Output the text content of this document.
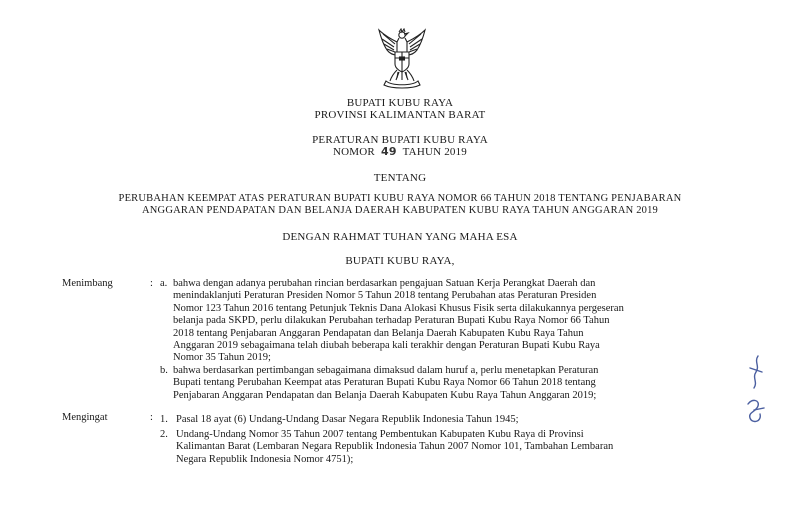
BUPATI KUBU RAYA
PROVINSI KALIMANTAN BARAT
PERATURAN BUPATI KUBU RAYA
NOMOR 49 TAHUN 2019
TENTANG
PERUBAHAN KEEMPAT ATAS PERATURAN BUPATI KUBU RAYA NOMOR 66 TAHUN 2018 TENTANG PENJABARAN
ANGGARAN PENDAPATAN DAN BELANJA DAERAH KABUPATEN KUBU RAYA TAHUN ANGGARAN 2019
DENGAN RAHMAT TUHAN YANG MAHA ESA
BUPATI KUBU RAYA,
Menimbang	: a. bahwa dengan adanya perubahan rincian berdasarkan pengajuan Satuan Kerja Perangkat Daerah dan
menindaklanjuti Peraturan Presiden Nomor 5 Tahun 2018 tentang Perubahan atas Peraturan Presiden
Nomor 123 Tahun 2016 tentang Petunjuk Teknis Dana Alokasi Khusus Fisik serta dilakukannya pergeseran
belanja pada SKPD, perlu dilakukan Perubahan terhadap Peraturan Bupati Kubu Raya Nomor 66 Tahun
2018 tentang Penjabaran Anggaran Pendapatan dan Belanja Daerah Kabupaten Kubu Raya Tahun
Anggaran 2019 sebagaimana telah diubah beberapa kali terakhir dengan Peraturan Bupati Kubu Raya
Nomor 35 Tahun 2019;
b. bahwa berdasarkan pertimbangan sebagaimana dimaksud dalam huruf a, perlu menetapkan Peraturan
Bupati tentang Perubahan Keempat atas Peraturan Bupati Kubu Raya Nomor 66 Tahun 2018 tentang
Penjabaran Anggaran Pendapatan dan Belanja Daerah Kabupaten Kubu Raya Tahun Anggaran 2019;
Mengingat	: 1. Pasal 18 ayat (6) Undang-Undang Dasar Negara Republik Indonesia Tahun 1945;
2. Undang-Undang Nomor 35 Tahun 2007 tentang Pembentukan Kabupaten Kubu Raya di Provinsi
Kalimantan Barat (Lembaran Negara Republik Indonesia Tahun 2007 Nomor 101, Tambahan Lembaran
Negara Republik Indonesia Nomor 4751);
